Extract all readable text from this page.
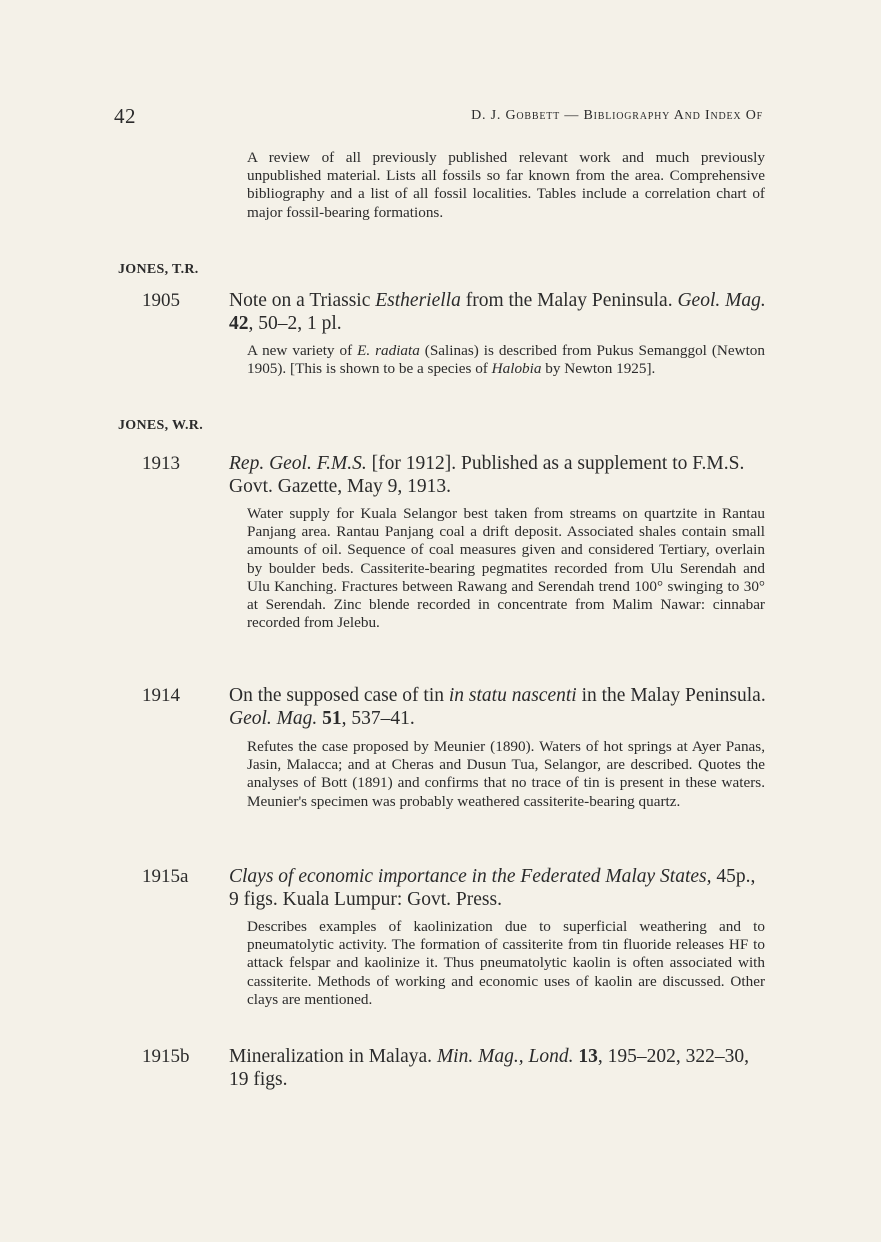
42	D. J. Gobbett — Bibliography And Index Of
A review of all previously published relevant work and much previously unpublished material. Lists all fossils so far known from the area. Comprehensive bibliography and a list of all fossil localities. Tables include a correlation chart of major fossil-bearing formations.
JONES, T.R.
1905	Note on a Triassic Estheriella from the Malay Peninsula. Geol. Mag. 42, 50–2, 1 pl.
A new variety of E. radiata (Salinas) is described from Pukus Semanggol (Newton 1905). [This is shown to be a species of Halobia by Newton 1925].
JONES, W.R.
1913	Rep. Geol. F.M.S. [for 1912]. Published as a supplement to F.M.S. Govt. Gazette, May 9, 1913.
Water supply for Kuala Selangor best taken from streams on quartzite in Rantau Panjang area. Rantau Panjang coal a drift deposit. Associated shales contain small amounts of oil. Sequence of coal measures given and considered Tertiary, overlain by boulder beds. Cassiterite-bearing pegmatites recorded from Ulu Serendah and Ulu Kanching. Fractures between Rawang and Serendah trend 100° swinging to 30° at Serendah. Zinc blende recorded in concentrate from Malim Nawar: cinnabar recorded from Jelebu.
1914	On the supposed case of tin in statu nascenti in the Malay Peninsula. Geol. Mag. 51, 537–41.
Refutes the case proposed by Meunier (1890). Waters of hot springs at Ayer Panas, Jasin, Malacca; and at Cheras and Dusun Tua, Selangor, are described. Quotes the analyses of Bott (1891) and confirms that no trace of tin is present in these waters. Meunier's specimen was probably weathered cassiterite-bearing quartz.
1915a Clays of economic importance in the Federated Malay States, 45p., 9 figs. Kuala Lumpur: Govt. Press.
Describes examples of kaolinization due to superficial weathering and to pneumatolytic activity. The formation of cassiterite from tin fluoride releases HF to attack felspar and kaolinize it. Thus pneumatolytic kaolin is often associated with cassiterite. Methods of working and economic uses of kaolin are discussed. Other clays are mentioned.
1915b Mineralization in Malaya. Min. Mag., Lond. 13, 195–202, 322–30, 19 figs.
